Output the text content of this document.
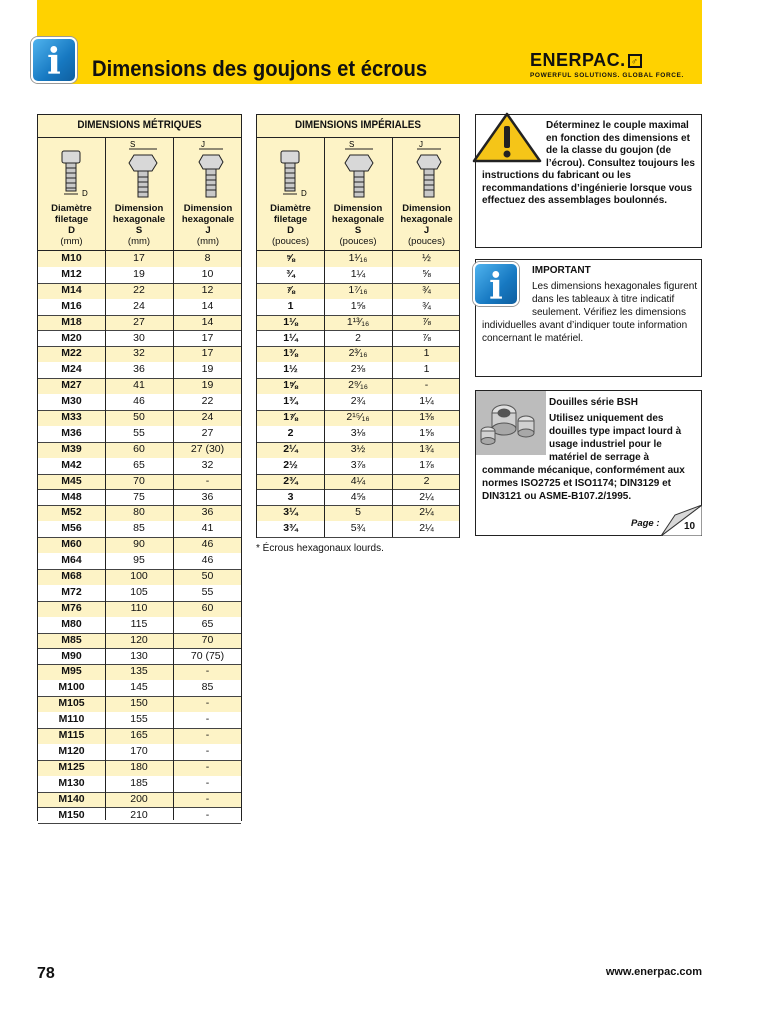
i	Dimensions des goujons et écrous	ENERPAC. ♂
POWERFUL SOLUTIONS. GLOBAL FORCE.
DIMENSIONS MÉTRIQUES
D
S	J
Diamètre
filetage
D
(mm)
Dimension
hexagonale
S
(mm)
Dimension
hexagonale
J
(mm)
M10	17	8
M12	19	10
M14	22	12
M16	24	14
M18	27	14
M20	30	17
M22	32	17
M24	36	19
M27	41	19
M30	46	22
M33	50	24
M36	55	27
M39	60	27 (30)
M42	65	32
M45	70	-
M48	75	36
M52	80	36
M56	85	41
M60	90	46
M64	95	46
M68	100	50
M72	105	55
M76	110	60
M80	115	65
M85	120	70
M90	130	70 (75)
M95	135	-
M100	145	85
M105	150	-
M110	155	-
M115	165	-
M120	170	-
M125	180	-
M130	185	-
M140	200	-
M150	210	-
DIMENSIONS IMPÉRIALES
D
S	J
Diamètre
filetage
D
(pouces)
Dimension
hexagonale
S
(pouces)
Dimension
hexagonale
J
(pouces)
⅝	1¹⁄₁₆	½
¾	1¼	⅝
⅞	1⁷⁄₁₆	¾
1	1⅝	¾
1⅛	1¹³⁄₁₆	⅞
1¼	2	⅞
1⅜	2³⁄₁₆	1
1½	2⅜	1
1⅝	2⁹⁄₁₆	-
1¾	2¾	1¼
1⅞	2¹⁵⁄₁₆	1⅜
2	3⅛	1⅝
2¼	3½	1¾
2½	3⅞	1⅞
2¾	4¼	2
3	4⅝	2¼
3¼	5	2¼
3¾	5¾	2¼
* Écrous hexagonaux lourds.

Déterminez le couple maximal

en fonction des dimensions et

de la classe du goujon (de

l’écrou). Consultez toujours les

instructions du fabricant ou les

recommandations d’ingénierie lorsque vous

effectuez des assemblages boulonnés.

i	IMPORTANT

Les dimensions hexagonales figurent

dans les tableaux à titre indicatif

seulement. Vérifiez les dimensions

individuelles avant d’indiquer toute information

concernant le matériel.

Douilles série BSH

Utilisez uniquement des

douilles type impact lourd à

usage industriel pour le

matériel de serrage à

commande mécanique, conformément aux

normes ISO2725 et ISO1174; DIN3129 et

DIN3121 ou ASME-B107.2/1995.

Page : 10

78	www.enerpac.com
